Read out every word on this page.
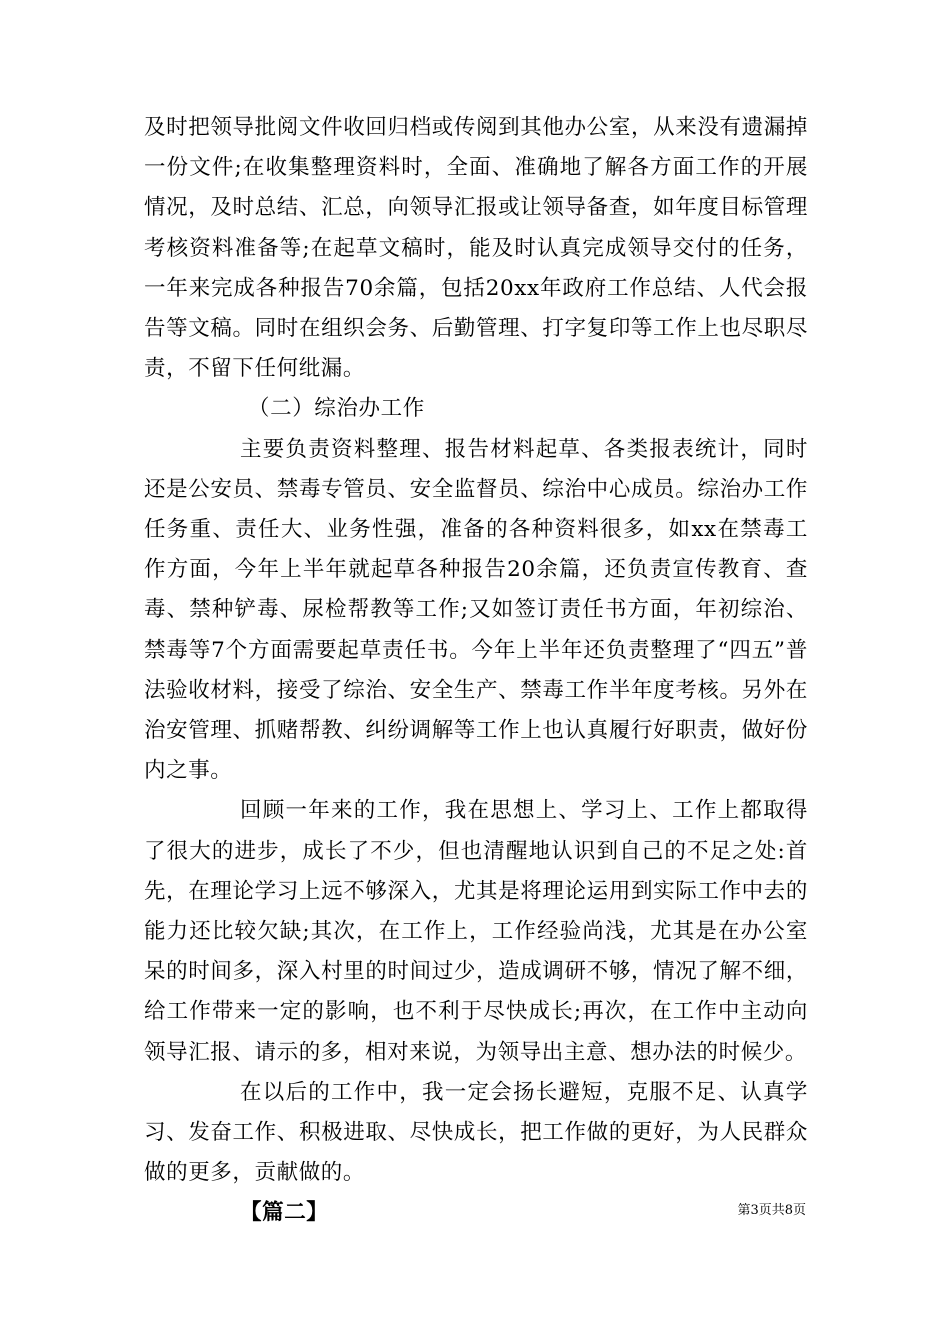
及时把领导批阅文件收回归档或传阅到其他办公室，从来没有遗漏掉一份文件;在收集整理资料时，全面、准确地了解各方面工作的开展情况，及时总结、汇总，向领导汇报或让领导备查，如年度目标管理考核资料准备等;在起草文稿时，能及时认真完成领导交付的任务，一年来完成各种报告70余篇，包括20xx年政府工作总结、人代会报告等文稿。同时在组织会务、后勤管理、打字复印等工作上也尽职尽责，不留下任何纰漏。

（二）综治办工作

主要负责资料整理、报告材料起草、各类报表统计，同时还是公安员、禁毒专管员、安全监督员、综治中心成员。综治办工作任务重、责任大、业务性强，准备的各种资料很多，如xx在禁毒工作方面，今年上半年就起草各种报告20余篇，还负责宣传教育、查毒、禁种铲毒、尿检帮教等工作;又如签订责任书方面，年初综治、禁毒等7个方面需要起草责任书。今年上半年还负责整理了“四五”普法验收材料，接受了综治、安全生产、禁毒工作半年度考核。另外在治安管理、抓赌帮教、纠纷调解等工作上也认真履行好职责，做好份内之事。

回顾一年来的工作，我在思想上、学习上、工作上都取得了很大的进步，成长了不少，但也清醒地认识到自己的不足之处:首先，在理论学习上远不够深入，尤其是将理论运用到实际工作中去的能力还比较欠缺;其次，在工作上，工作经验尚浅，尤其是在办公室呆的时间多，深入村里的时间过少，造成调研不够，情况了解不细，给工作带来一定的影响，也不利于尽快成长;再次，在工作中主动向领导汇报、请示的多，相对来说，为领导出主意、想办法的时候少。

在以后的工作中，我一定会扬长避短，克服不足、认真学习、发奋工作、积极进取、尽快成长，把工作做的更好，为人民群众做的更多，贡献做的。

【篇二】	第3页共8页
